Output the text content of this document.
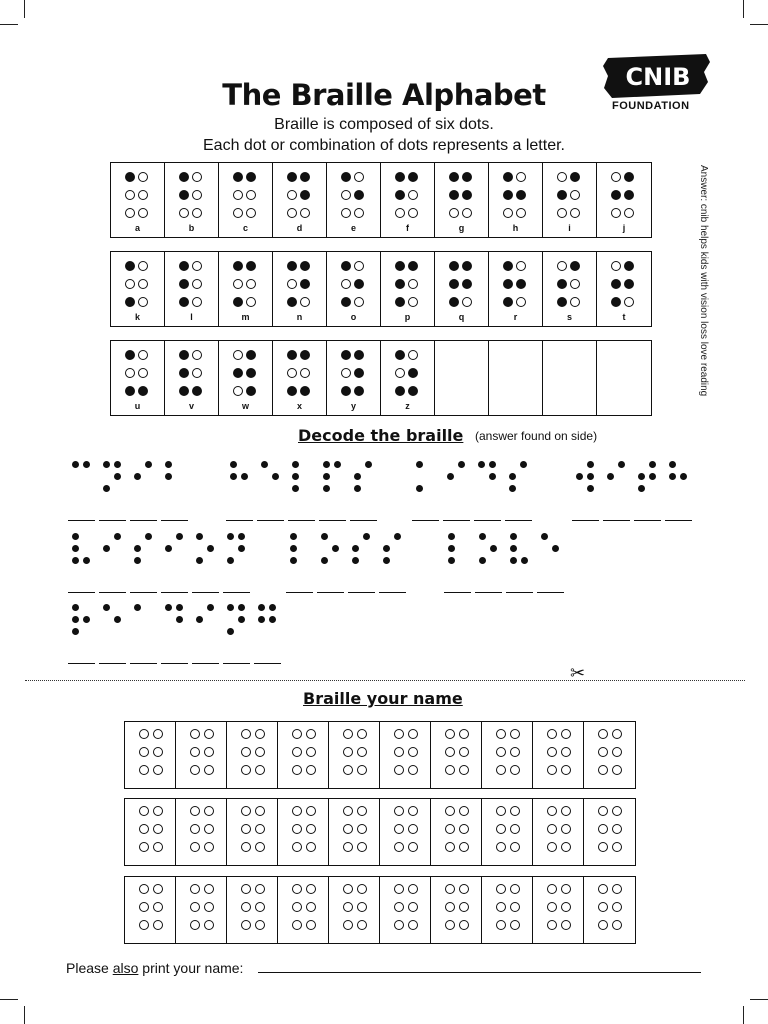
The Braille Alphabet
Braille is composed of six dots.
Each dot or combination of dots represents a letter.
CNIB
FOUNDATION
Answer: cnib helps kids with vision loss love reading
a	b	c	d	e	f	g	h	i	j
k	l	m	n	o	p	q	r	s	t
u	v	w	x	y	z
Decode the braille (answer found on side)
✂
Braille your name
Please also print your name:
